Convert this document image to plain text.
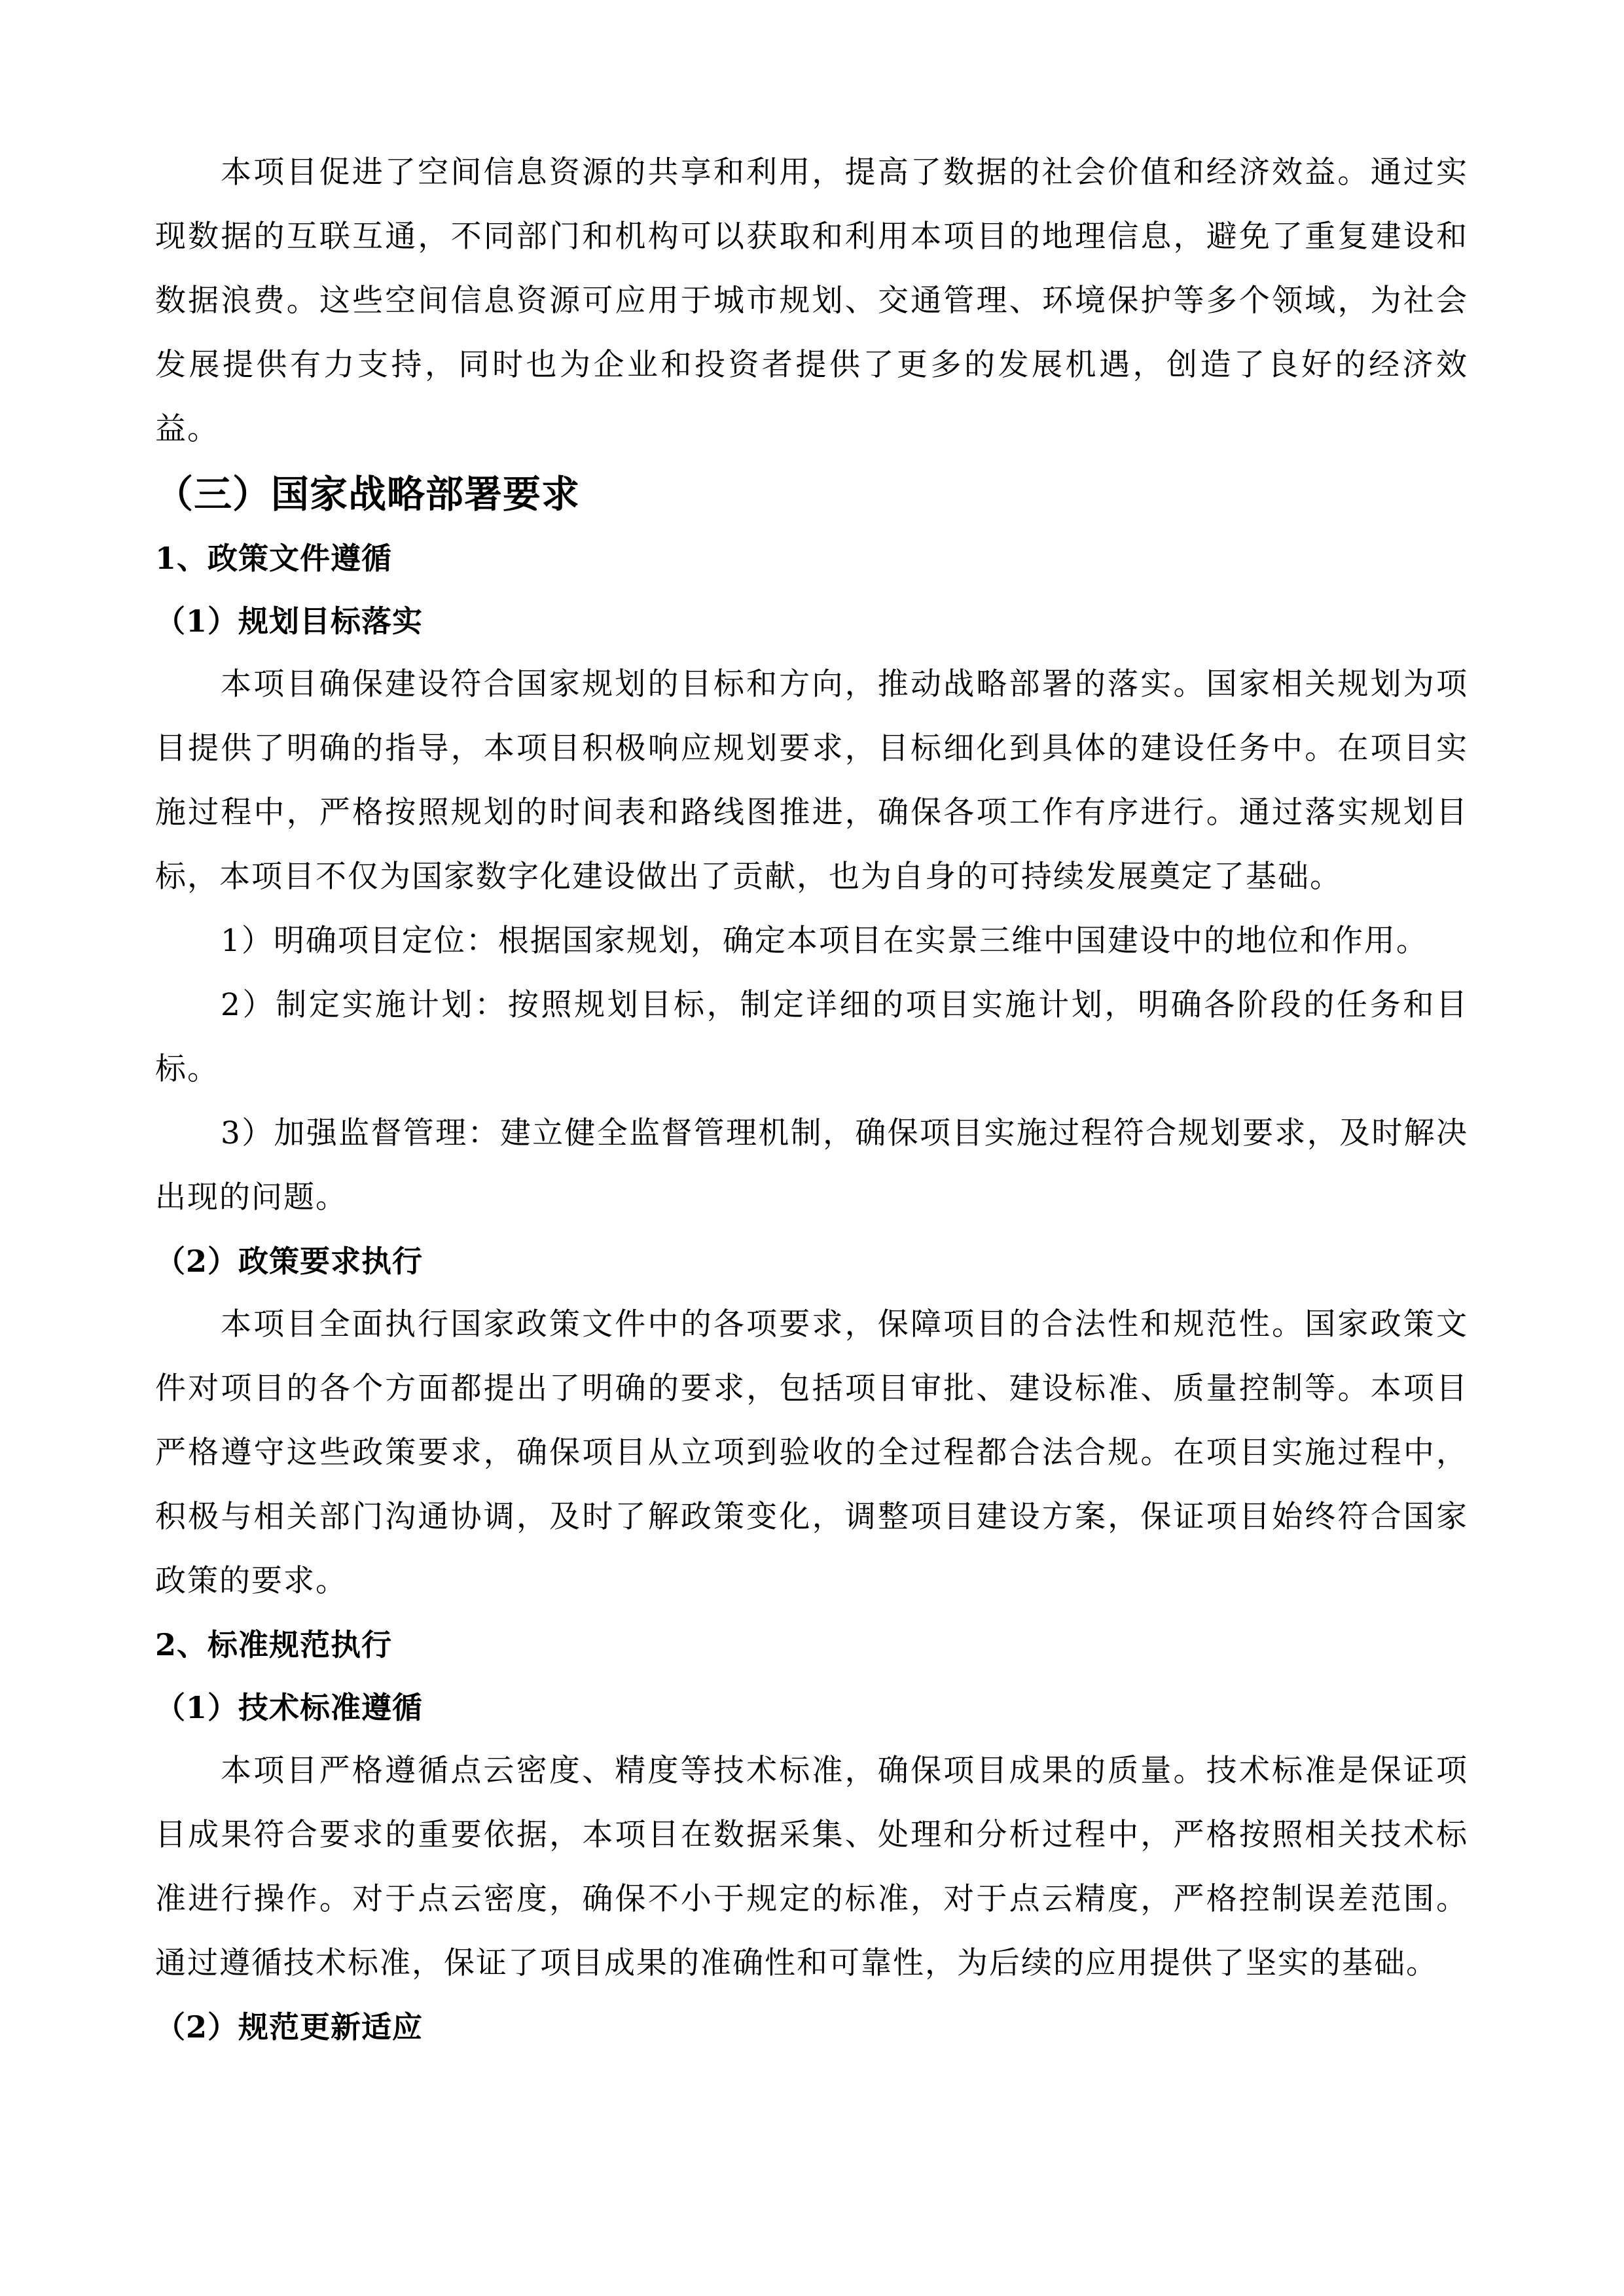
本项目促进了空间信息资源的共享和利用，提高了数据的社会价值和经济效益。通过实现数据的互联互通，不同部门和机构可以获取和利用本项目的地理信息，避免了重复建设和数据浪费。这些空间信息资源可应用于城市规划、交通管理、环境保护等多个领域，为社会发展提供有力支持，同时也为企业和投资者提供了更多的发展机遇，创造了良好的经济效益。

（三）国家战略部署要求
1、政策文件遵循
（1）规划目标落实

本项目确保建设符合国家规划的目标和方向，推动战略部署的落实。国家相关规划为项目提供了明确的指导，本项目积极响应规划要求，目标细化到具体的建设任务中。在项目实施过程中，严格按照规划的时间表和路线图推进，确保各项工作有序进行。通过落实规划目标，本项目不仅为国家数字化建设做出了贡献，也为自身的可持续发展奠定了基础。

1）明确项目定位：根据国家规划，确定本项目在实景三维中国建设中的地位和作用。

2）制定实施计划：按照规划目标，制定详细的项目实施计划，明确各阶段的任务和目标。

3）加强监督管理：建立健全监督管理机制，确保项目实施过程符合规划要求，及时解决出现的问题。

（2）政策要求执行

本项目全面执行国家政策文件中的各项要求，保障项目的合法性和规范性。国家政策文件对项目的各个方面都提出了明确的要求，包括项目审批、建设标准、质量控制等。本项目严格遵守这些政策要求，确保项目从立项到验收的全过程都合法合规。在项目实施过程中，积极与相关部门沟通协调，及时了解政策变化，调整项目建设方案，保证项目始终符合国家政策的要求。

2、标准规范执行
（1）技术标准遵循

本项目严格遵循点云密度、精度等技术标准，确保项目成果的质量。技术标准是保证项目成果符合要求的重要依据，本项目在数据采集、处理和分析过程中，严格按照相关技术标准进行操作。对于点云密度，确保不小于规定的标准，对于点云精度，严格控制误差范围。通过遵循技术标准，保证了项目成果的准确性和可靠性，为后续的应用提供了坚实的基础。

（2）规范更新适应
